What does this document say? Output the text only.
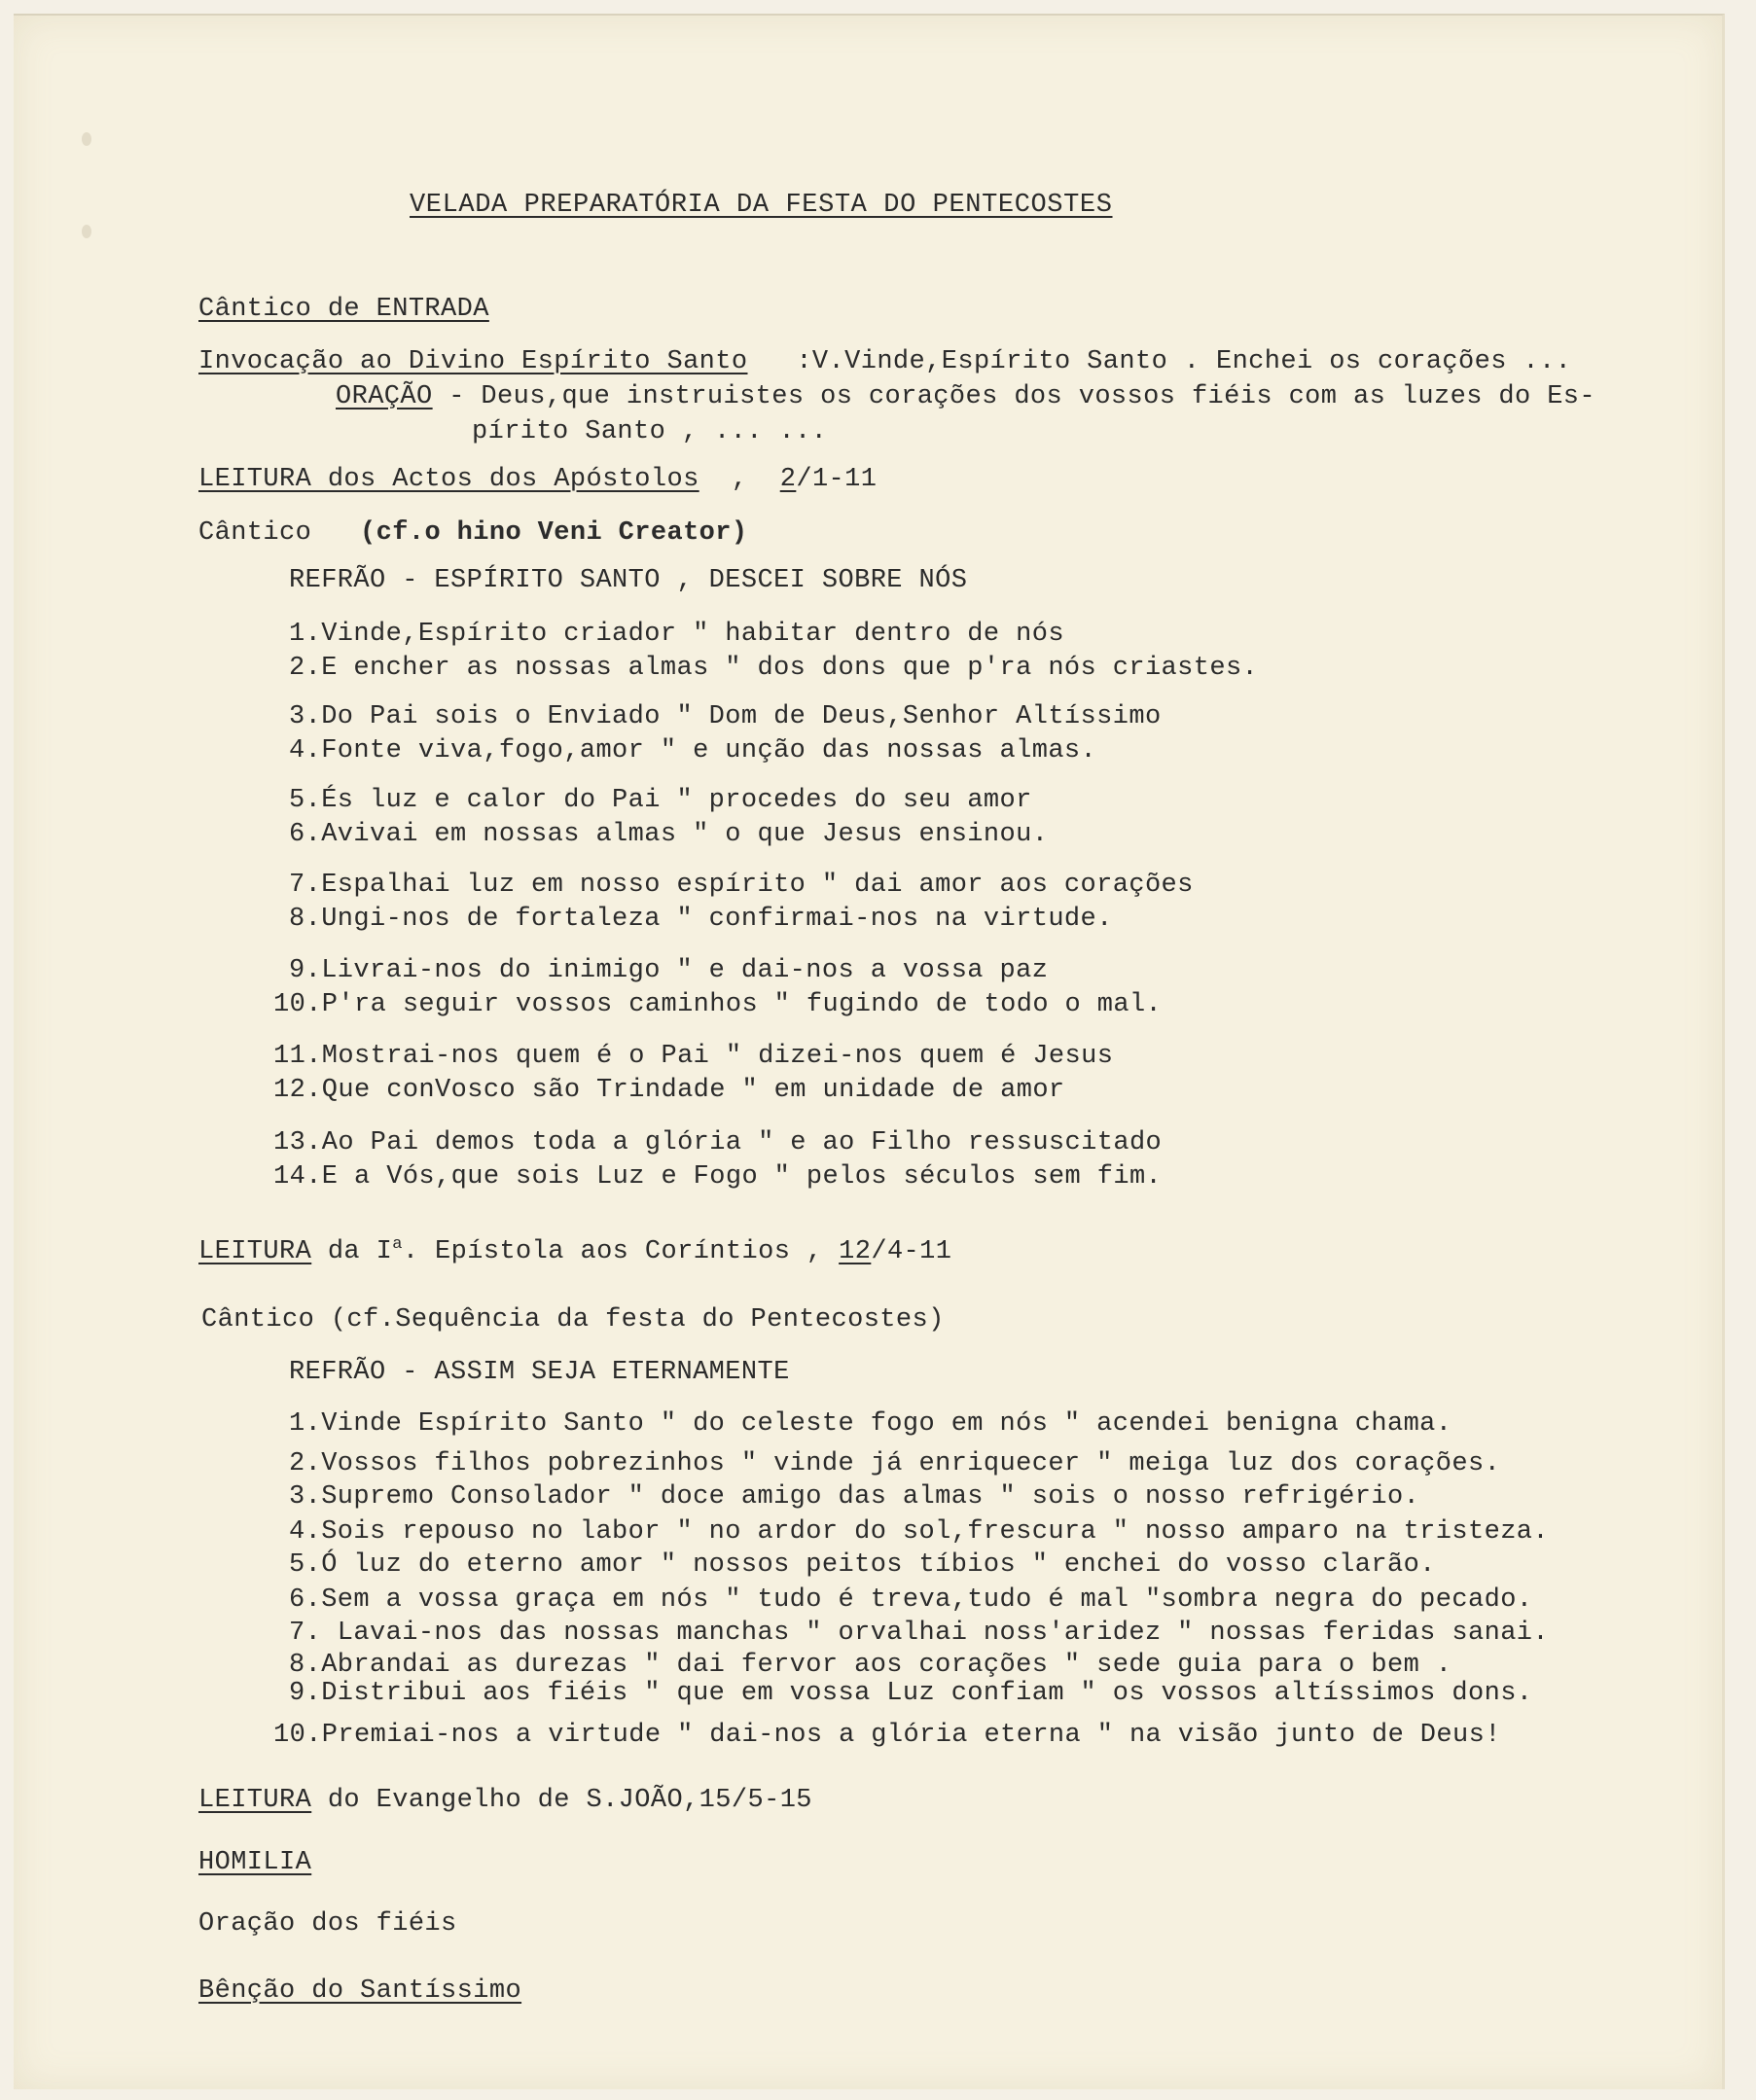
VELADA PREPARATÓRIA DA FESTA DO PENTECOSTES
Cântico de ENTRADA
Invocação ao Divino Espírito Santo :V.Vinde,Espírito Santo . Enchei os corações ...
ORAÇÃO - Deus,que instruistes os corações dos vossos fiéis com as luzes do Es-
pírito Santo , ... ...
LEITURA dos Actos dos Apóstolos , 2/1-11
Cântico (cf.o hino Veni Creator)
REFRÃO - ESPÍRITO SANTO , DESCEI SOBRE NÓS
1.Vinde,Espírito criador " habitar dentro de nós
2.E encher as nossas almas " dos dons que p'ra nós criastes.
3.Do Pai sois o Enviado " Dom de Deus,Senhor Altíssimo
4.Fonte viva,fogo,amor " e unção das nossas almas.
5.És luz e calor do Pai " procedes do seu amor
6.Avivai em nossas almas " o que Jesus ensinou.
7.Espalhai luz em nosso espírito " dai amor aos corações
8.Ungi-nos de fortaleza " confirmai-nos na virtude.
9.Livrai-nos do inimigo " e dai-nos a vossa paz
10.P'ra seguir vossos caminhos " fugindo de todo o mal.
11.Mostrai-nos quem é o Pai " dizei-nos quem é Jesus
12.Que conVosco são Trindade " em unidade de amor
13.Ao Pai demos toda a glória " e ao Filho ressuscitado
14.E a Vós,que sois Luz e Fogo " pelos séculos sem fim.
LEITURA da $I^a$. Epístola aos Coríntios , 12/4-11
Cântico (cf.Sequência da festa do Pentecostes)
REFRÃO - ASSIM SEJA ETERNAMENTE
1.Vinde Espírito Santo " do celeste fogo em nós " acendei benigna chama.
2.Vossos filhos pobrezinhos " vinde já enriquecer " meiga luz dos corações.
3.Supremo Consolador " doce amigo das almas " sois o nosso refrigério.
4.Sois repouso no labor " no ardor do sol,frescura " nosso amparo na tristeza.
5.Ó luz do eterno amor " nossos peitos tíbios " enchei do vosso clarão.
6.Sem a vossa graça em nós " tudo é treva,tudo é mal "sombra negra do pecado.
7. Lavai-nos das nossas manchas " orvalhai noss'aridez " nossas feridas sanai.
8.Abrandai as durezas " dai fervor aos corações " sede guia para o bem .
9.Distribui aos fiéis " que em vossa Luz confiam " os vossos altíssimos dons.
10.Premiai-nos a virtude " dai-nos a glória eterna " na visão junto de Deus!
LEITURA do Evangelho de S.JOÃO,15/5-15
HOMILIA
Oração dos fiéis
Bênção do Santíssimo
